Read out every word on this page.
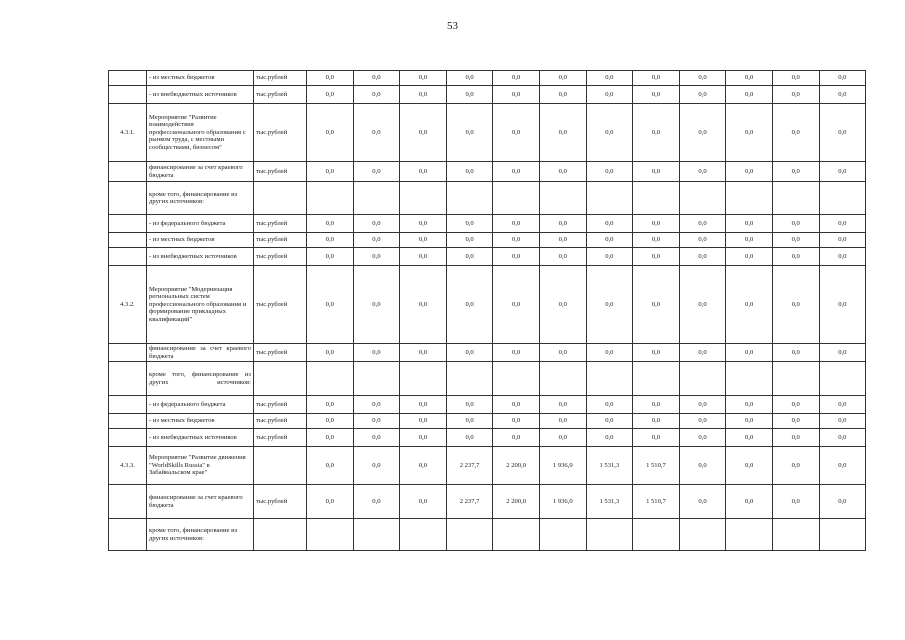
53
	- из местных бюджетов	тыс.рублей	0,0	0,0	0,0	0,0	0,0	0,0	0,0	0,0	0,0	0,0	0,0	0,0
	- из внебюджетных источников	тыс.рублей	0,0	0,0	0,0	0,0	0,0	0,0	0,0	0,0	0,0	0,0	0,0	0,0
4.3.1.	Мероприятие "Развитие взаимодействия профессионального образования с рынком труда, с местными сообществами, бизнесом"	тыс.рублей	0,0	0,0	0,0	0,0	0,0	0,0	0,0	0,0	0,0	0,0	0,0	0,0
	финансирование за счет краевого бюджета	тыс.рублей	0,0	0,0	0,0	0,0	0,0	0,0	0,0	0,0	0,0	0,0	0,0	0,0
	кроме того, финансирование из других источников:													
	- из федерального бюджета	тыс.рублей	0,0	0,0	0,0	0,0	0,0	0,0	0,0	0,0	0,0	0,0	0,0	0,0
	- из местных бюджетов	тыс.рублей	0,0	0,0	0,0	0,0	0,0	0,0	0,0	0,0	0,0	0,0	0,0	0,0
	- из внебюджетных источников	тыс.рублей	0,0	0,0	0,0	0,0	0,0	0,0	0,0	0,0	0,0	0,0	0,0	0,0
4.3.2.	Мероприятие "Модернизация региональных систем профессионального образования и формирование прикладных квалификаций"	тыс.рублей	0,0	0,0	0,0	0,0	0,0	0,0	0,0	0,0	0,0	0,0	0,0	0,0
	финансирование за счет краевого бюджета	тыс.рублей	0,0	0,0	0,0	0,0	0,0	0,0	0,0	0,0	0,0	0,0	0,0	0,0
	кроме того, финансирование из других источников:													
	- из федерального бюджета	тыс.рублей	0,0	0,0	0,0	0,0	0,0	0,0	0,0	0,0	0,0	0,0	0,0	0,0
	- из местных бюджетов	тыс.рублей	0,0	0,0	0,0	0,0	0,0	0,0	0,0	0,0	0,0	0,0	0,0	0,0
	- из внебюджетных источников	тыс.рублей	0,0	0,0	0,0	0,0	0,0	0,0	0,0	0,0	0,0	0,0	0,0	0,0
4.3.3.	Мероприятие "Развитие движения "WorldSkills Russia" в Забайкальском крае"		0,0	0,0	0,0	2 237,7	2 200,0	1 936,0	1 531,3	1 510,7	0,0	0,0	0,0	0,0
	финансирование за счет краевого бюджета	тыс.рублей	0,0	0,0	0,0	2 237,7	2 200,0	1 936,0	1 531,3	1 510,7	0,0	0,0	0,0	0,0
	кроме того, финансирование из других источников:													
